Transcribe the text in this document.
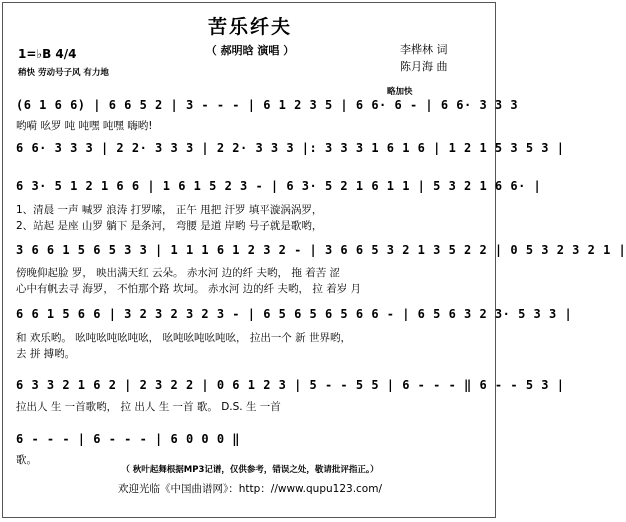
苦乐纤夫
（ 郝明晗 演唱 ）	李桦林 词
陈月海 曲
1=♭B 4/4
稍快 劳动号子风 有力地
略加快
(6 1 6 6) | 6 6 5 2 | 3 - - - | 6 1 2 3 5 | 6 6· 6 - | 6 6· 3 3 3
哟嗬 吆罗 吨 吨嘿 吨嘿 嗨哟!
6 6· 3 3 3 | 2 2· 3 3 3 | 2 2· 3 3 3 |: 3 3 3 1 6 1 6 | 1 2 1 5 3 5 3 |
6 3· 5 1 2 1 6 6 | 1 6 1 5 2 3 - | 6 3· 5 2 1 6 1 1 | 5 3 2 1 6 6· |
1、清晨 一声 喊罗 浪涛 打罗嗦， 正午 甩把 汗罗 填平漩涡涡罗，
2、站起 是座 山罗 躺下 是条河， 弯腰 是道 岸哟 号子就是歌哟，
3 6 6 1 5 6 5 3 3 | 1 1 1 6 1 2 3 2 - | 3 6 6 5 3 2 1 3 5 2 2 | 0 5 3 2 3 2 1 |
傍晚仰起脸 罗， 映出满天红 云朵。 赤水河 边的纤 夫哟， 拖 着苦 涩
心中有帆去寻 海罗， 不怕那个路 坎坷。 赤水河 边的纤 夫哟， 拉 着岁 月
6 6 1 5 6 6 | 3 2 3 2 3 2 3 - | 6 5 6 5 6 5 6 6 - | 6 5 6 3 2 3· 5 3 3 |
和 欢乐哟。 吆吨吆吨吆吨吆， 吆吨吆吨吆吨吆， 拉出一个 新 世界哟，
去 拼 搏哟。
6 3 3 2 1 6 2 | 2 3 2 2 | 0 6 1 2 3 | 5 - - 5 5 | 6 - - - ‖ 6 - - 5 3 |
拉出人 生 一首歌哟， 拉 出人 生 一首 歌。 D.S. 生 一首
6 - - - | 6 - - - | 6 0 0 0 ‖
歌。
（ 秋叶起舞根据MP3记谱，仅供参考，错误之处，敬请批评指正。）
欢迎光临《中国曲谱网》：http：//www.qupu123.com/
